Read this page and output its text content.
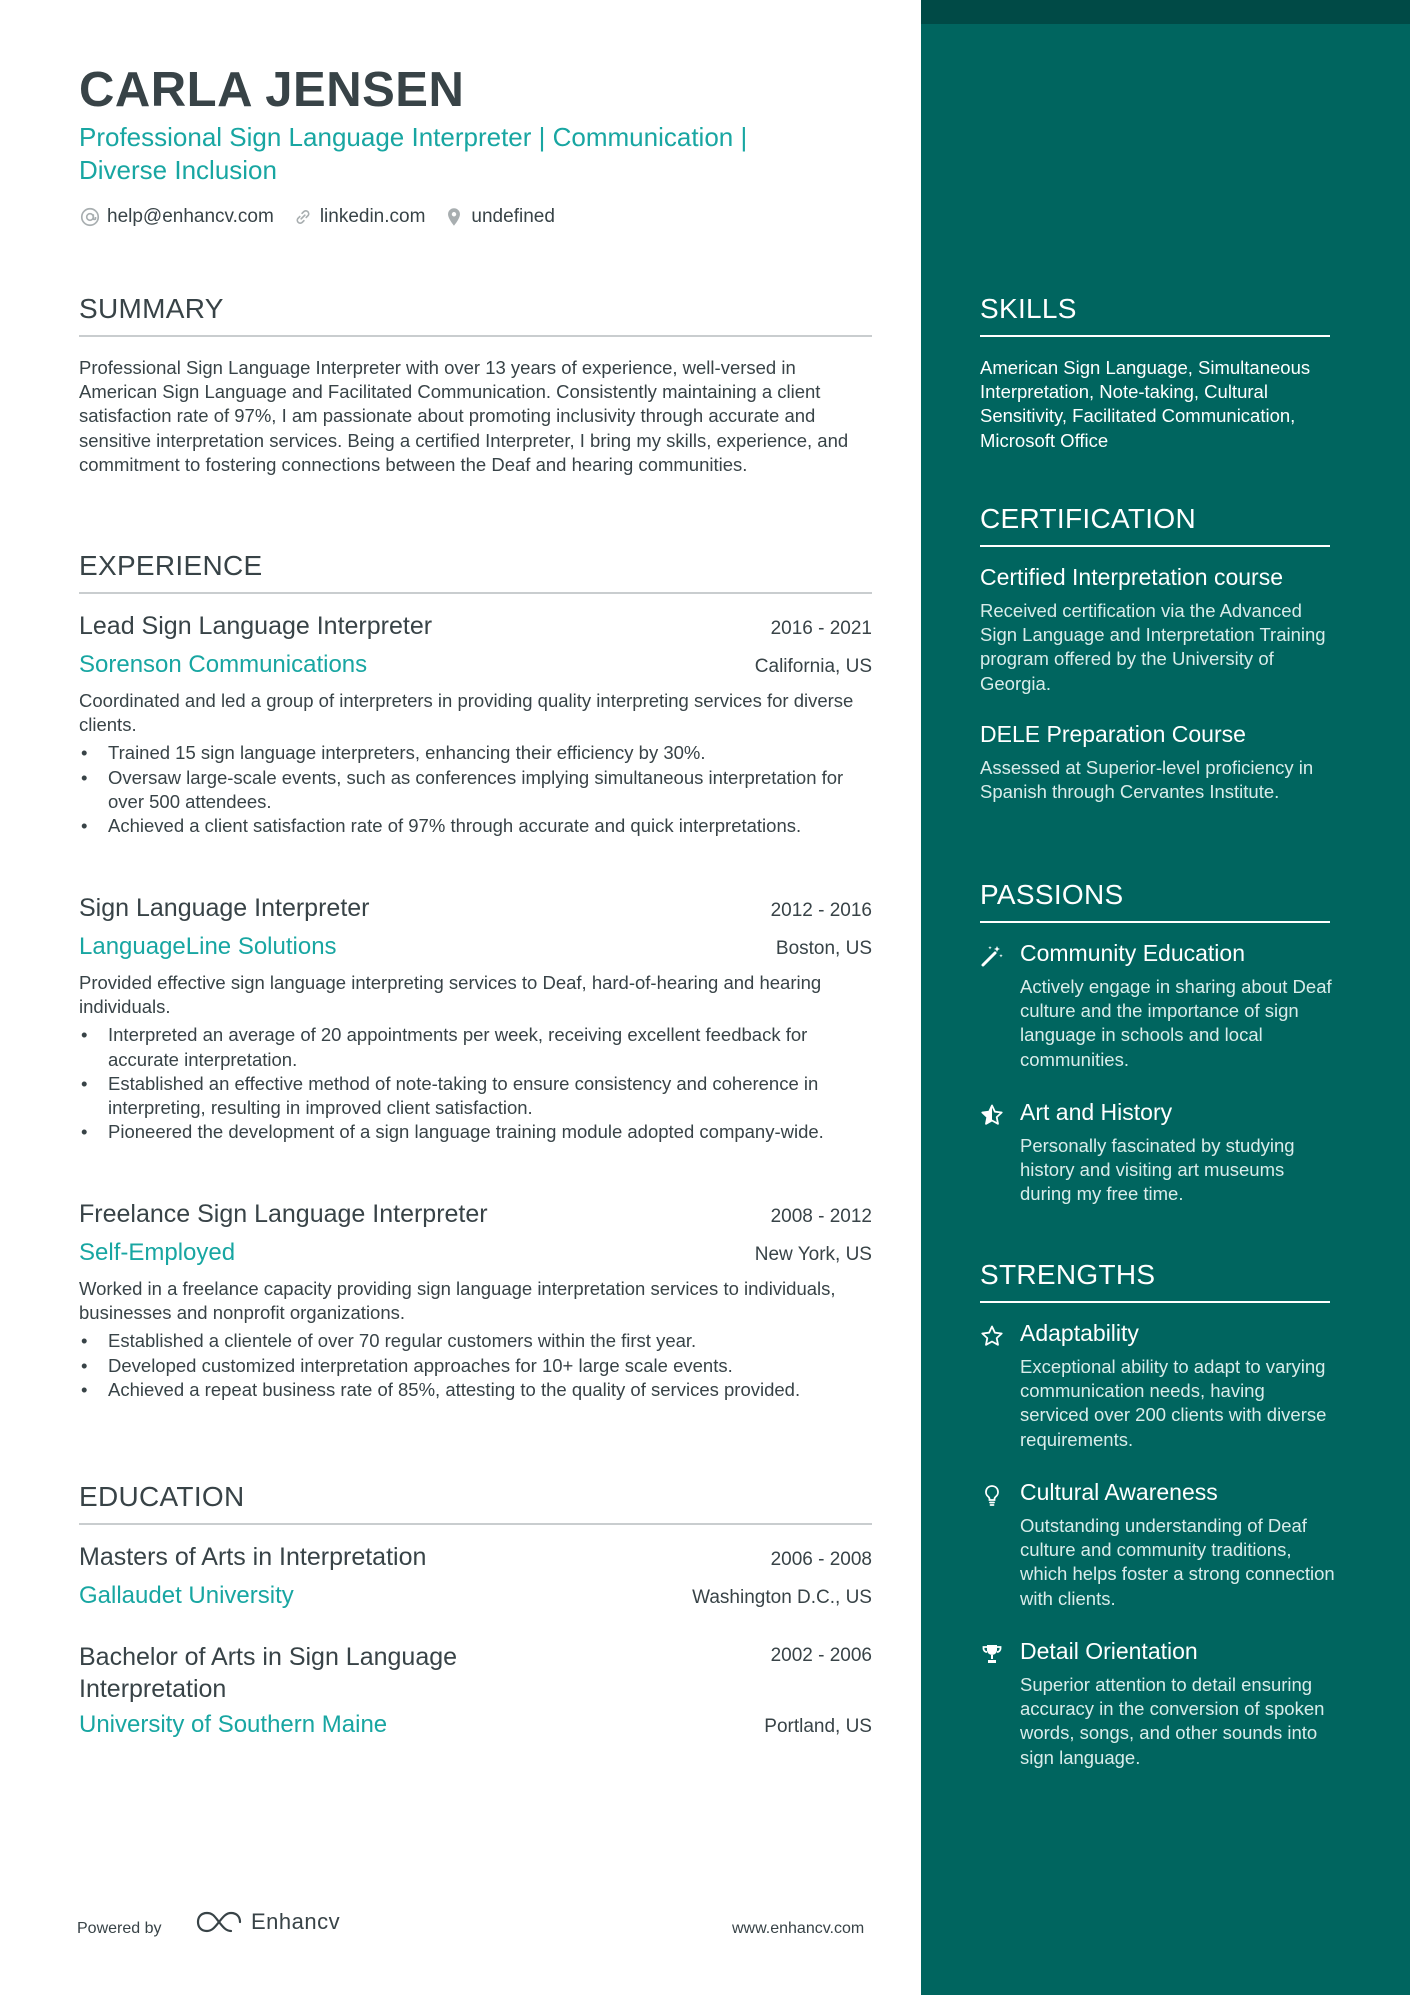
CARLA JENSEN
Professional Sign Language Interpreter | Communication | Diverse Inclusion
help@enhancv.com linkedin.com undefined
SUMMARY
Professional Sign Language Interpreter with over 13 years of experience, well-versed in American Sign Language and Facilitated Communication. Consistently maintaining a client satisfaction rate of 97%, I am passionate about promoting inclusivity through accurate and sensitive interpretation services. Being a certified Interpreter, I bring my skills, experience, and commitment to fostering connections between the Deaf and hearing communities.
EXPERIENCE
Lead Sign Language Interpreter	2016 - 2021
Sorenson Communications	California, US
Coordinated and led a group of interpreters in providing quality interpreting services for diverse clients.
• Trained 15 sign language interpreters, enhancing their efficiency by 30%.
• Oversaw large-scale events, such as conferences implying simultaneous interpretation for over 500 attendees.
• Achieved a client satisfaction rate of 97% through accurate and quick interpretations.
Sign Language Interpreter	2012 - 2016
LanguageLine Solutions	Boston, US
Provided effective sign language interpreting services to Deaf, hard-of-hearing and hearing individuals.
• Interpreted an average of 20 appointments per week, receiving excellent feedback for accurate interpretation.
• Established an effective method of note-taking to ensure consistency and coherence in interpreting, resulting in improved client satisfaction.
• Pioneered the development of a sign language training module adopted company-wide.
Freelance Sign Language Interpreter	2008 - 2012
Self-Employed	New York, US
Worked in a freelance capacity providing sign language interpretation services to individuals, businesses and nonprofit organizations.
• Established a clientele of over 70 regular customers within the first year.
• Developed customized interpretation approaches for 10+ large scale events.
• Achieved a repeat business rate of 85%, attesting to the quality of services provided.
EDUCATION
Masters of Arts in Interpretation	2006 - 2008
Gallaudet University	Washington D.C., US
Bachelor of Arts in Sign Language Interpretation
2002 - 2006
University of Southern Maine	Portland, US
SKILLS
American Sign Language, Simultaneous Interpretation, Note-taking, Cultural Sensitivity, Facilitated Communication, Microsoft Office
CERTIFICATION
Certified Interpretation course
Received certification via the Advanced Sign Language and Interpretation Training program offered by the University of Georgia.
DELE Preparation Course
Assessed at Superior-level proficiency in Spanish through Cervantes Institute.
PASSIONS
Community Education
Actively engage in sharing about Deaf culture and the importance of sign language in schools and local communities.
Art and History
Personally fascinated by studying history and visiting art museums during my free time.
STRENGTHS
Adaptability
Exceptional ability to adapt to varying communication needs, having serviced over 200 clients with diverse requirements.
Cultural Awareness
Outstanding understanding of Deaf culture and community traditions, which helps foster a strong connection with clients.
Detail Orientation
Superior attention to detail ensuring accuracy in the conversion of spoken words, songs, and other sounds into sign language.
Powered by	Enhancv	www.enhancv.com
